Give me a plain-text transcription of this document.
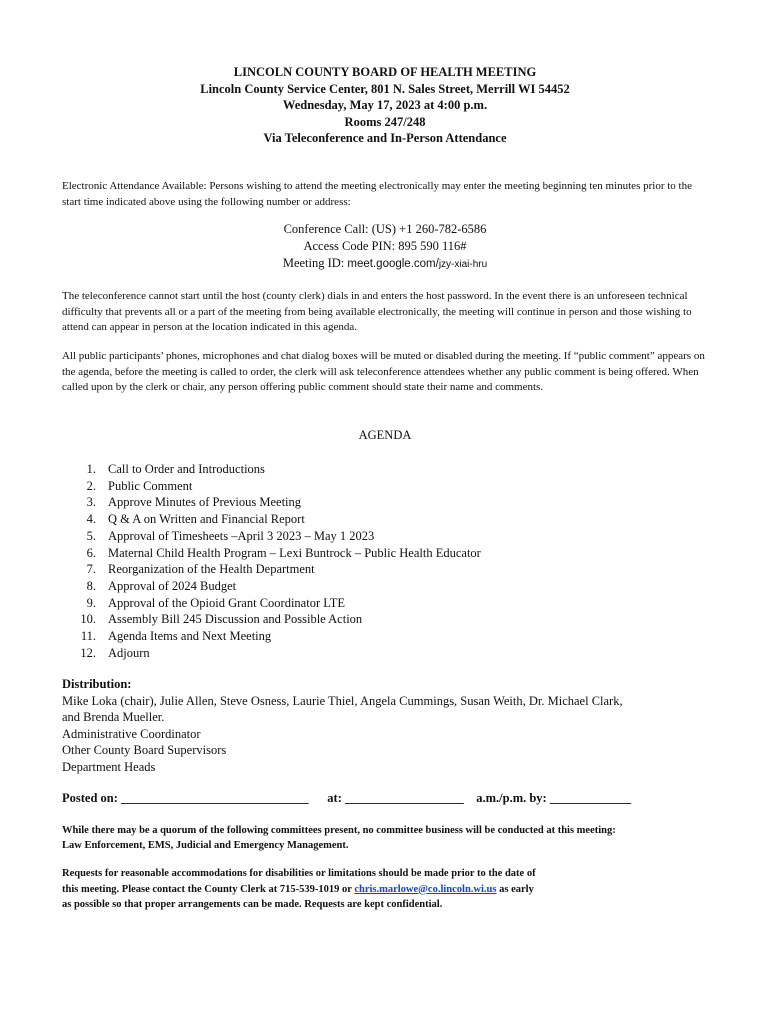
LINCOLN COUNTY BOARD OF HEALTH MEETING
Lincoln County Service Center, 801 N. Sales Street, Merrill WI 54452
Wednesday, May 17, 2023 at 4:00 p.m.
Rooms 247/248
Via Teleconference and In-Person Attendance
Electronic Attendance Available: Persons wishing to attend the meeting electronically may enter the meeting beginning ten minutes prior to the start time indicated above using the following number or address:
Conference Call: (US) +1 260-782-6586
Access Code PIN: 895 590 116#
Meeting ID: meet.google.com/jzy-xiai-hru
The teleconference cannot start until the host (county clerk) dials in and enters the host password. In the event there is an unforeseen technical difficulty that prevents all or a part of the meeting from being available electronically, the meeting will continue in person and those wishing to attend can appear in person at the location indicated in this agenda.
All public participants’ phones, microphones and chat dialog boxes will be muted or disabled during the meeting. If “public comment” appears on the agenda, before the meeting is called to order, the clerk will ask teleconference attendees whether any public comment is being offered. When called upon by the clerk or chair, any person offering public comment should state their name and comments.
AGENDA
1. Call to Order and Introductions
2. Public Comment
3. Approve Minutes of Previous Meeting
4. Q & A on Written and Financial Report
5. Approval of Timesheets –April 3 2023 – May 1 2023
6. Maternal Child Health Program – Lexi Buntrock – Public Health Educator
7. Reorganization of the Health Department
8. Approval of 2024 Budget
9. Approval of the Opioid Grant Coordinator LTE
10. Assembly Bill 245 Discussion and Possible Action
11. Agenda Items and Next Meeting
12. Adjourn
Distribution:
Mike Loka (chair), Julie Allen, Steve Osness, Laurie Thiel, Angela Cummings, Susan Weith, Dr. Michael Clark,
and Brenda Mueller.
Administrative Coordinator
Other County Board Supervisors
Department Heads
Posted on: ______________________________ at: ___________________ a.m./p.m. by: _____________
While there may be a quorum of the following committees present, no committee business will be conducted at this meeting:
Law Enforcement, EMS, Judicial and Emergency Management.
Requests for reasonable accommodations for disabilities or limitations should be made prior to the date of
this meeting. Please contact the County Clerk at 715-539-1019 or chris.marlowe@co.lincoln.wi.us as early
as possible so that proper arrangements can be made. Requests are kept confidential.
